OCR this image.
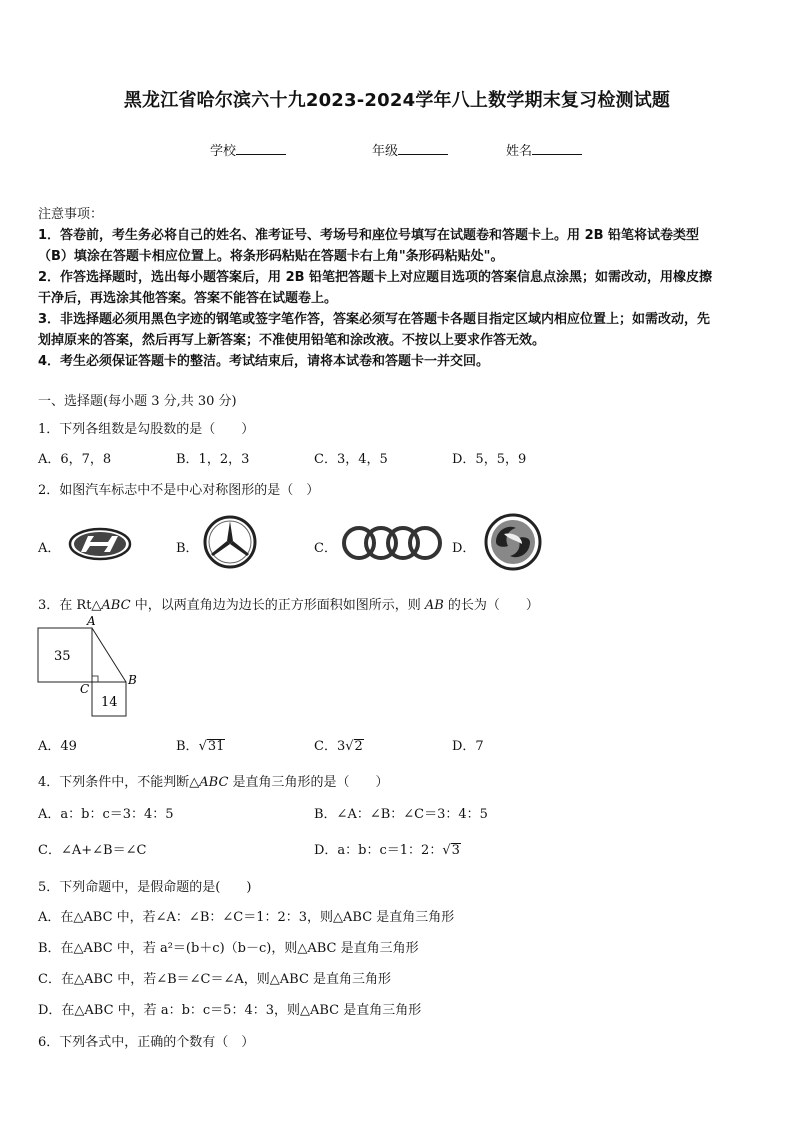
黑龙江省哈尔滨六十九2023-2024学年八上数学期末复习检测试题
学校	年级	姓名
注意事项：
1．答卷前，考生务必将自己的姓名、准考证号、考场号和座位号填写在试题卷和答题卡上。用 2B 铅笔将试卷类型
（B）填涂在答题卡相应位置上。将条形码粘贴在答题卡右上角"条形码粘贴处"。
2．作答选择题时，选出每小题答案后，用 2B 铅笔把答题卡上对应题目选项的答案信息点涂黑；如需改动，用橡皮擦
干净后，再选涂其他答案。答案不能答在试题卷上。
3．非选择题必须用黑色字迹的钢笔或签字笔作答，答案必须写在答题卡各题目指定区域内相应位置上；如需改动，先
划掉原来的答案，然后再写上新答案；不准使用铅笔和涂改液。不按以上要求作答无效。
4．考生必须保证答题卡的整洁。考试结束后，请将本试卷和答题卡一并交回。
一、选择题(每小题 3 分,共 30 分)
1．下列各组数是勾股数的是（　　）
A．6，7，8	B．1，2，3	C．3，4，5	D．5，5，9
2．如图汽车标志中不是中心对称图形的是（　）
A．	B．	C．	D．
3．在 Rt△ABC 中，以两直角边为边长的正方形面积如图所示，则 AB 的长为（　　）
35
14
A
B
C
A．49	B．√31	C．3√2	D．7
4．下列条件中，不能判断△ABC 是直角三角形的是（　　）
A．a：b：c＝3：4：5	B．∠A：∠B：∠C＝3：4：5
C．∠A+∠B＝∠C	D．a：b：c＝1：2：√3
5．下列命题中，是假命题的是(　　)
A．在△ABC 中，若∠A：∠B：∠C＝1：2：3，则△ABC 是直角三角形
B．在△ABC 中，若 a²＝(b＋c)（b－c)，则△ABC 是直角三角形
C．在△ABC 中，若∠B＝∠C＝∠A，则△ABC 是直角三角形
D．在△ABC 中，若 a：b：c＝5：4：3，则△ABC 是直角三角形
6．下列各式中，正确的个数有（　）
